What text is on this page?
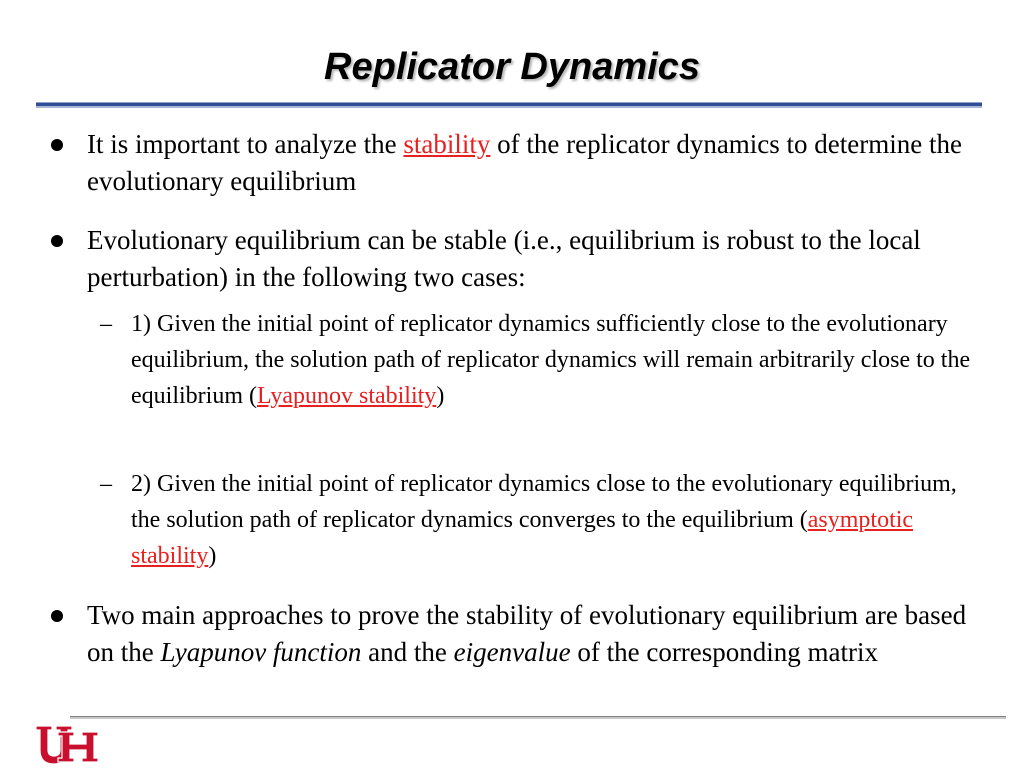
Replicator Dynamics
It is important to analyze the stability of the replicator dynamics to determine the evolutionary equilibrium
Evolutionary equilibrium can be stable (i.e., equilibrium is robust to the local perturbation) in the following two cases:
– 1) Given the initial point of replicator dynamics sufficiently close to the evolutionary equilibrium, the solution path of replicator dynamics will remain arbitrarily close to the equilibrium (Lyapunov stability)
– 2) Given the initial point of replicator dynamics close to the evolutionary equilibrium, the solution path of replicator dynamics converges to the equilibrium (asymptotic stability)
Two main approaches to prove the stability of evolutionary equilibrium are based on the Lyapunov function and the eigenvalue of the corresponding matrix
